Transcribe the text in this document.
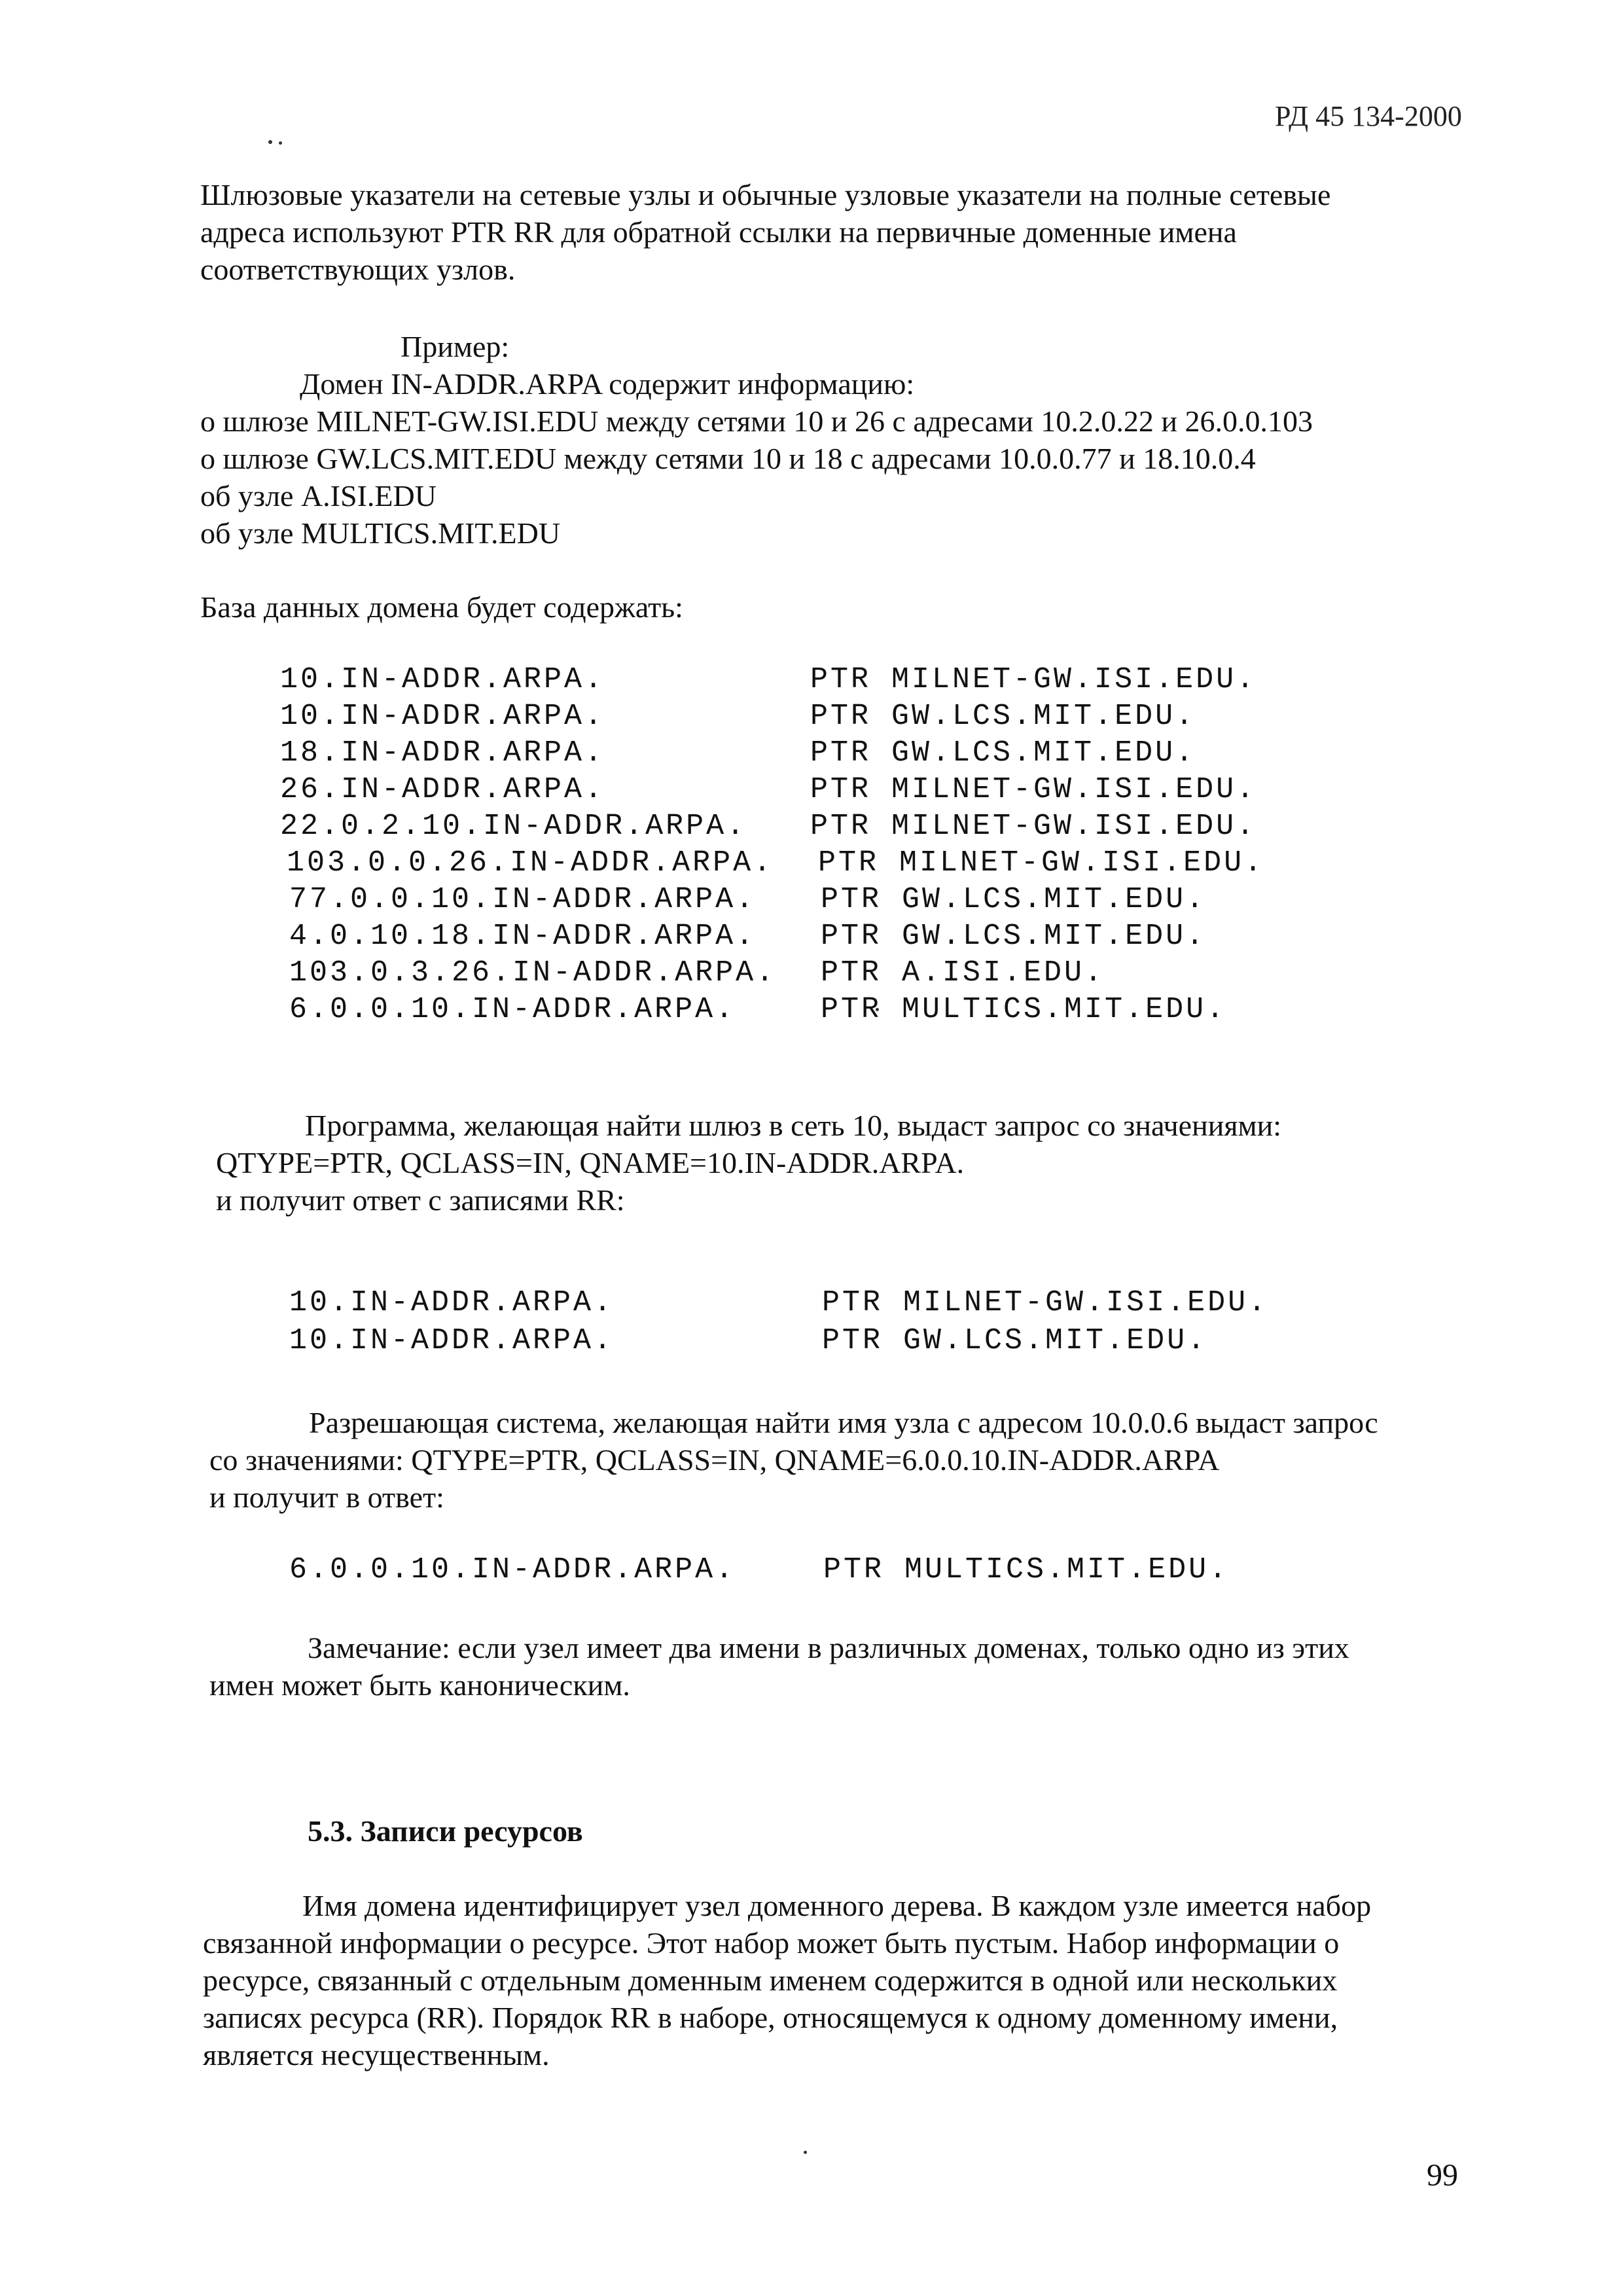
РД 45 134-2000
Шлюзовые указатели на сетевые узлы и обычные узловые указатели на полные сетевые
адреса используют PTR RR для обратной ссылки на первичные доменные имена
соответствующих узлов.
Пример:
Домен IN-ADDR.ARPA содержит информацию:
о шлюзе MILNET-GW.ISI.EDU между сетями 10 и 26 с адресами 10.2.0.22 и 26.0.0.103
о шлюзе GW.LCS.MIT.EDU между сетями 10 и 18 с адресами 10.0.0.77 и 18.10.0.4
об узле A.ISI.EDU
об узле MULTICS.MIT.EDU
База данных домена будет содержать:
10.IN-ADDR.ARPA.	PTR MILNET-GW.ISI.EDU.
10.IN-ADDR.ARPA.	PTR GW.LCS.MIT.EDU.
18.IN-ADDR.ARPA.	PTR GW.LCS.MIT.EDU.
26.IN-ADDR.ARPA.	PTR MILNET-GW.ISI.EDU.
22.0.2.10.IN-ADDR.ARPA. PTR MILNET-GW.ISI.EDU.
103.0.0.26.IN-ADDR.ARPA. PTR MILNET-GW.ISI.EDU.
77.0.0.10.IN-ADDR.ARPA. PTR GW.LCS.MIT.EDU.
4.0.10.18.IN-ADDR.ARPA. PTR GW.LCS.MIT.EDU.
103.0.3.26.IN-ADDR.ARPA. PTR A.ISI.EDU.
6.0.0.10.IN-ADDR.ARPA.	PTR MULTICS.MIT.EDU.
Программа, желающая найти шлюз в сеть 10, выдаст запрос со значениями:
QTYPE=PTR, QCLASS=IN, QNAME=10.IN-ADDR.ARPA.
и получит ответ с записями RR:
10.IN-ADDR.ARPA.	PTR MILNET-GW.ISI.EDU.
10.IN-ADDR.ARPA.	PTR GW.LCS.MIT.EDU.
Разрешающая система, желающая найти имя узла с адресом 10.0.0.6 выдаст запрос
со значениями: QTYPE=PTR, QCLASS=IN, QNAME=6.0.0.10.IN-ADDR.ARPA
и получит в ответ:
6.0.0.10.IN-ADDR.ARPA.	PTR MULTICS.MIT.EDU.
Замечание: если узел имеет два имени в различных доменах, только одно из этих
имен может быть каноническим.
5.3. Записи ресурсов
Имя домена идентифицирует узел доменного дерева. В каждом узле имеется набор
связанной информации о ресурсе. Этот набор может быть пустым. Набор информации о
ресурсе, связанный с отдельным доменным именем содержится в одной или нескольких
записях ресурса (RR). Порядок RR в наборе, относящемуся к одному доменному имени,
является несущественным.
99
